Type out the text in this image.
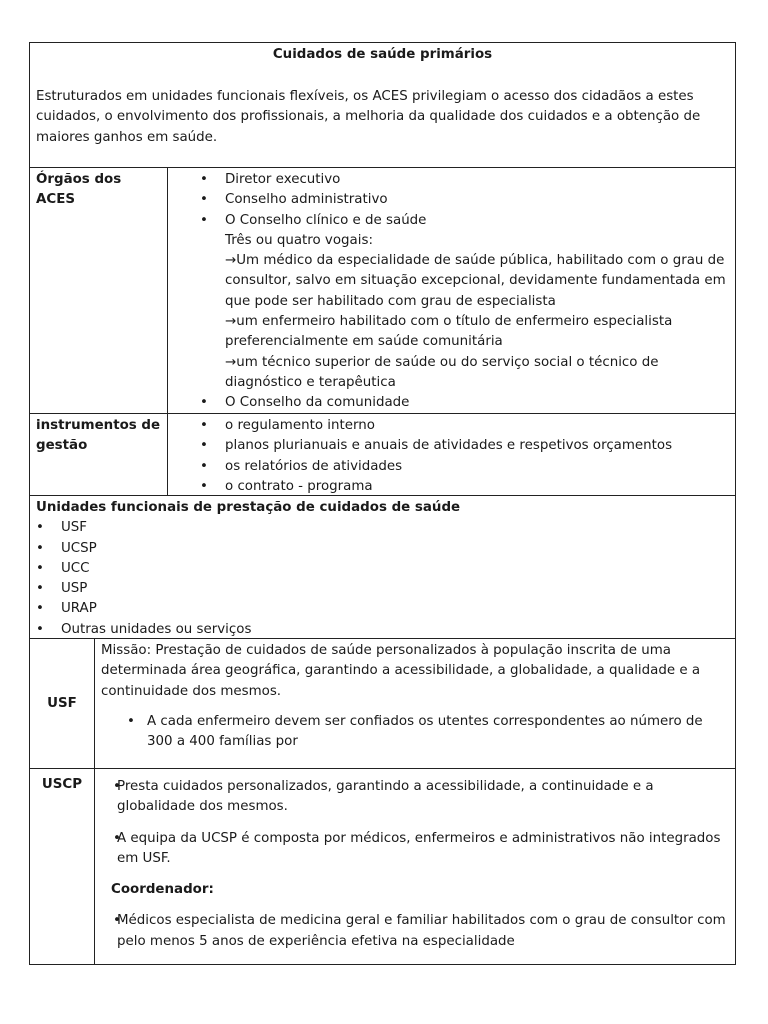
Cuidados de saúde primários

Estruturados em unidades funcionais flexíveis, os ACES privilegiam o acesso dos cidadãos a estes cuidados, o envolvimento dos profissionais, a melhoria da qualidade dos cuidados e a obtenção de maiores ganhos em saúde.

Órgãos dos ACES
• Diretor executivo
• Conselho administrativo
• O Conselho clínico e de saúde
Três ou quatro vogais:
→Um médico da especialidade de saúde pública, habilitado com o grau de consultor, salvo em situação excepcional, devidamente fundamentada em que pode ser habilitado com grau de especialista
→um enfermeiro habilitado com o título de enfermeiro especialista preferencialmente em saúde comunitária
→um técnico superior de saúde ou do serviço social o técnico de diagnóstico e terapêutica
• O Conselho da comunidade
instrumentos de gestão
• o regulamento interno
• planos plurianuais e anuais de atividades e respetivos orçamentos
• os relatórios de atividades
• o contrato - programa

Unidades funcionais de prestação de cuidados de saúde

• USF
• UCSP
• UCC
• USP
• URAP
• Outras unidades ou serviços
USF

Missão: Prestação de cuidados de saúde personalizados à população inscrita de uma determinada área geográfica, garantindo a acessibilidade, a globalidade, a qualidade e a continuidade dos mesmos.

• A cada enfermeiro devem ser confiados os utentes correspondentes ao número de 300 a 400 famílias por
USCP
•	Presta cuidados personalizados, garantindo a acessibilidade, a continuidade e a globalidade dos mesmos.
• A equipa da UCSP é composta por médicos, enfermeiros e administrativos não integrados em USF.

Coordenador:

• Médicos especialista de medicina geral e familiar habilitados com o grau de consultor com pelo menos 5 anos de experiência efetiva na especialidade
